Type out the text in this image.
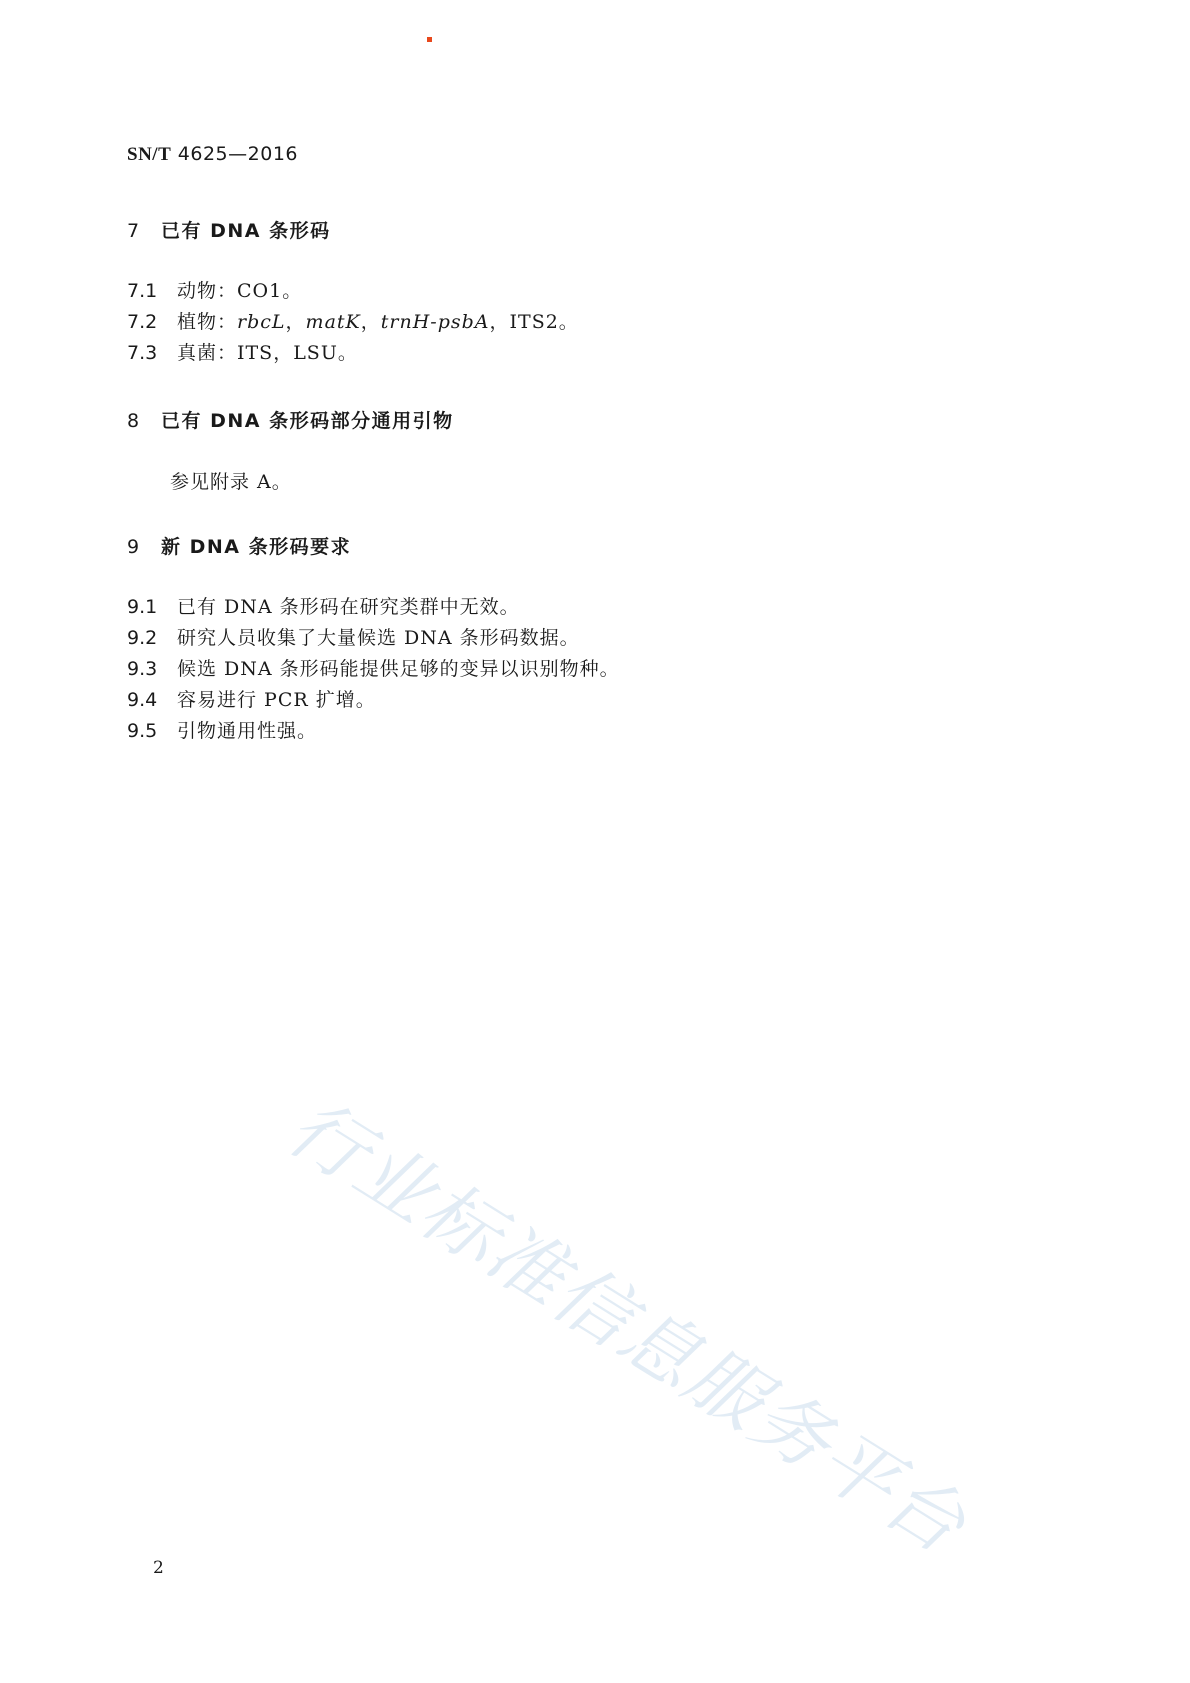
SN/T 4625—2016
7 已有 DNA 条形码
7.1 动物：CO1。
7.2 植物：rbcL，matK，trnH-psbA，ITS2。
7.3 真菌：ITS，LSU。
8 已有 DNA 条形码部分通用引物
参见附录 A。
9 新 DNA 条形码要求
9.1 已有 DNA 条形码在研究类群中无效。
9.2 研究人员收集了大量候选 DNA 条形码数据。
9.3 候选 DNA 条形码能提供足够的变异以识别物种。
9.4 容易进行 PCR 扩增。
9.5 引物通用性强。
行业标准信息服务平台
2
